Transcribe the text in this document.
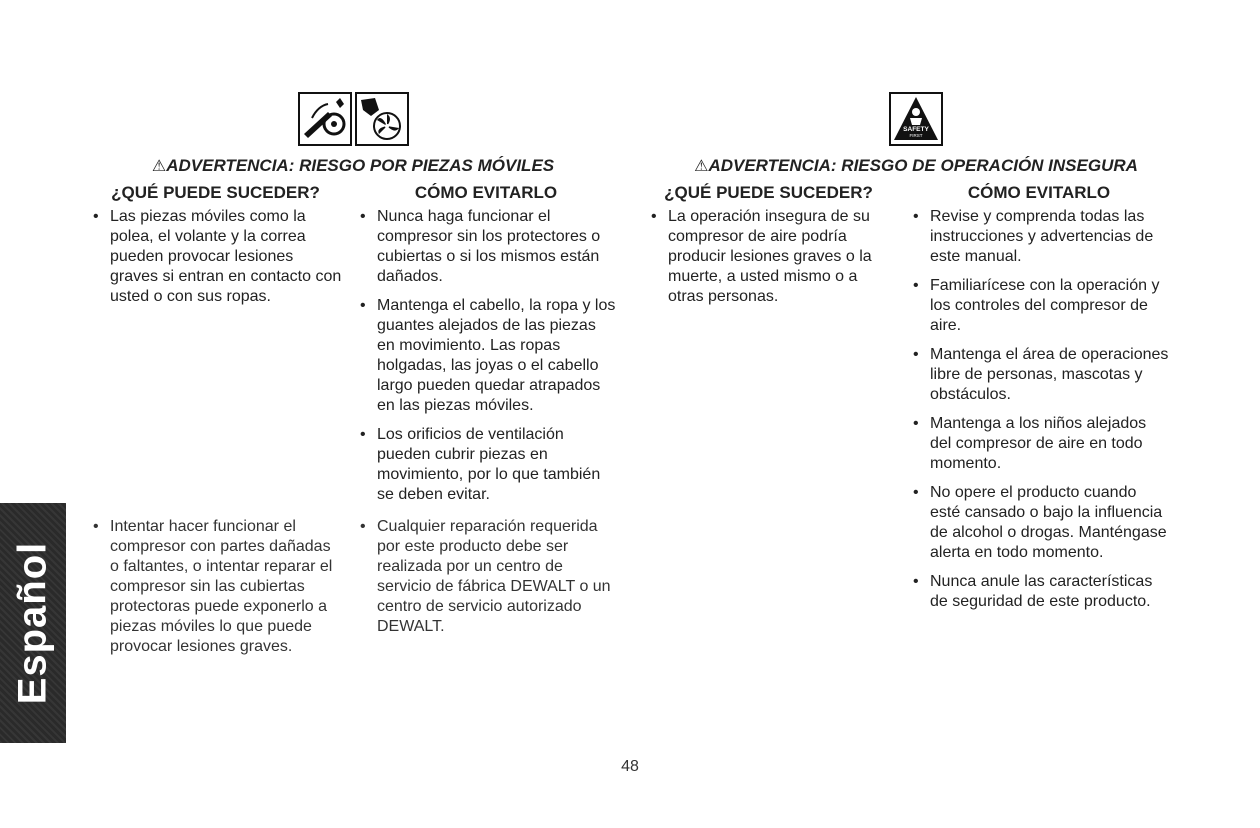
Español
⚠ADVERTENCIA: RIESGO POR PIEZAS MÓVILES
¿QUÉ PUEDE SUCEDER?
• Las piezas móviles como la polea, el volante y la correa pueden provocar lesiones graves si entran en contacto con usted o con sus ropas.
CÓMO EVITARLO
• Nunca haga funcionar el compresor sin los protectores o cubiertas o si los mismos están dañados.
• Mantenga el cabello, la ropa y los guantes alejados de las piezas en movimiento. Las ropas holgadas, las joyas o el cabello largo pueden quedar atrapados en las piezas móviles.
• Los orificios de ventilación pueden cubrir piezas en movimiento, por lo que también se deben evitar.
• Intentar hacer funcionar el compresor con partes dañadas o faltantes, o intentar reparar el compresor sin las cubiertas protectoras puede exponerlo a piezas móviles lo que puede provocar lesiones graves.
• Cualquier reparación requerida por este producto debe ser realizada por un centro de servicio de fábrica DEWALT o un centro de servicio autorizado DEWALT.
SAFETY
FIRST
⚠ADVERTENCIA: RIESGO DE OPERACIÓN INSEGURA
¿QUÉ PUEDE SUCEDER?
• La operación insegura de su compresor de aire podría producir lesiones graves o la muerte, a usted mismo o a otras personas.
CÓMO EVITARLO
• Revise y comprenda todas las instrucciones y advertencias de este manual.
• Familiarícese con la operación y los controles del compresor de aire.
• Mantenga el área de operaciones libre de personas, mascotas y obstáculos.
• Mantenga a los niños alejados del compresor de aire en todo momento.
• No opere el producto cuando esté cansado o bajo la influencia de alcohol o drogas. Manténgase alerta en todo momento.
• Nunca anule las características de seguridad de este producto.
48
